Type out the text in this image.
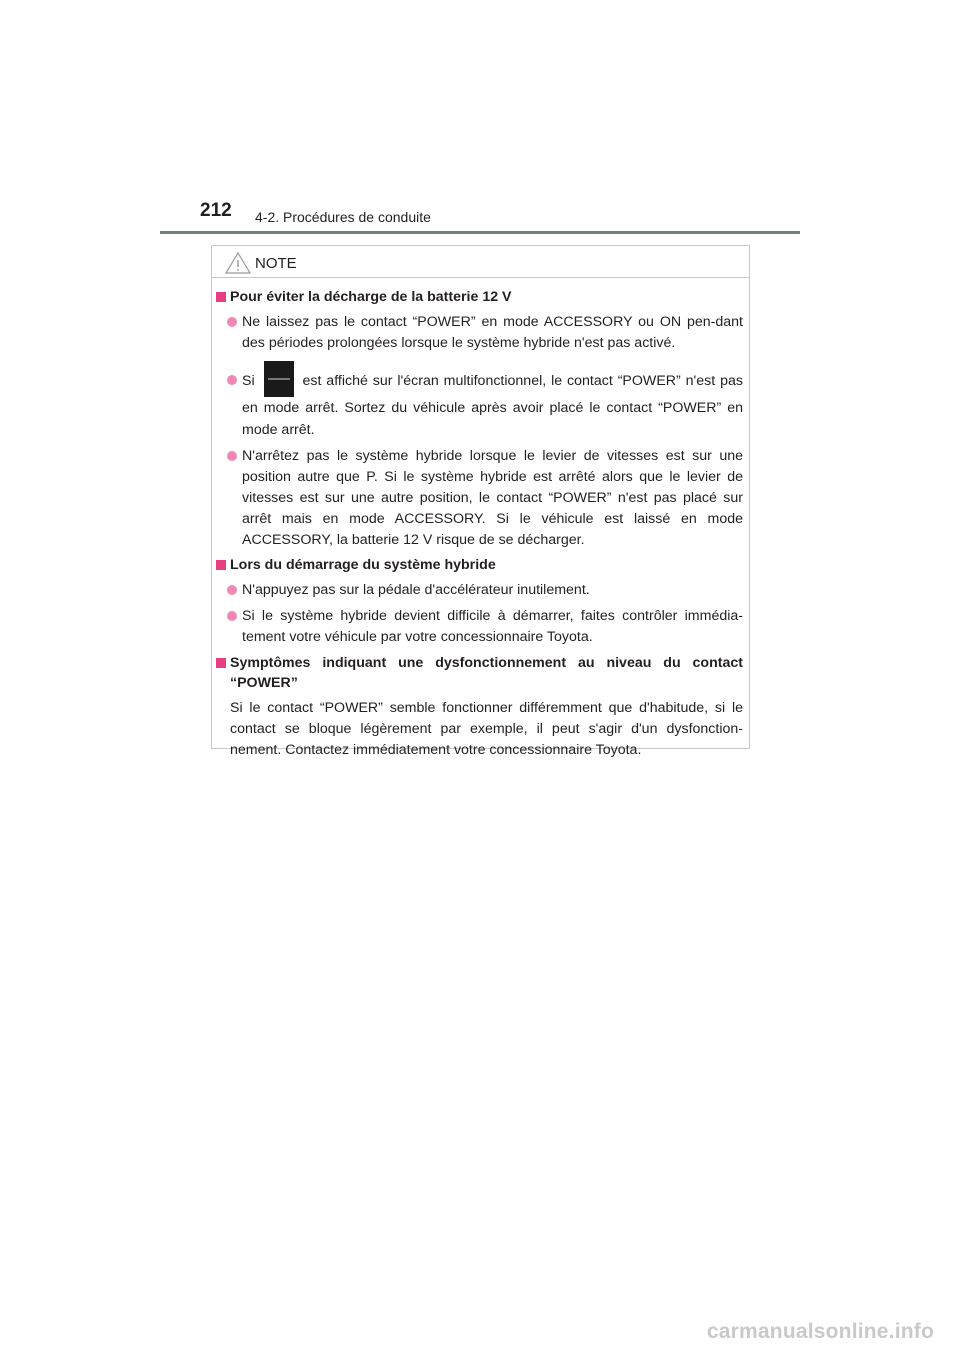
212 4-2. Procédures de conduite
NOTE
Pour éviter la décharge de la batterie 12 V
Ne laissez pas le contact “POWER” en mode ACCESSORY ou ON pen-dant des périodes prolongées lorsque le système hybride n'est pas activé.
Si	est affiché sur l'écran multifonctionnel, le contact “POWER” n'est pas en mode arrêt. Sortez du véhicule après avoir placé le contact “POWER” en mode arrêt.
N'arrêtez pas le système hybride lorsque le levier de vitesses est sur une position autre que P. Si le système hybride est arrêté alors que le levier de vitesses est sur une autre position, le contact “POWER” n'est pas placé sur arrêt mais en mode ACCESSORY. Si le véhicule est laissé en mode ACCESSORY, la batterie 12 V risque de se décharger.
Lors du démarrage du système hybride
N'appuyez pas sur la pédale d'accélérateur inutilement.
Si le système hybride devient difficile à démarrer, faites contrôler immédia-tement votre véhicule par votre concessionnaire Toyota.
Symptômes indiquant une dysfonctionnement au niveau du contact “POWER”
Si le contact “POWER” semble fonctionner différemment que d'habitude, si le contact se bloque légèrement par exemple, il peut s'agir d'un dysfonction-nement. Contactez immédiatement votre concessionnaire Toyota.
carmanualsonline.info
